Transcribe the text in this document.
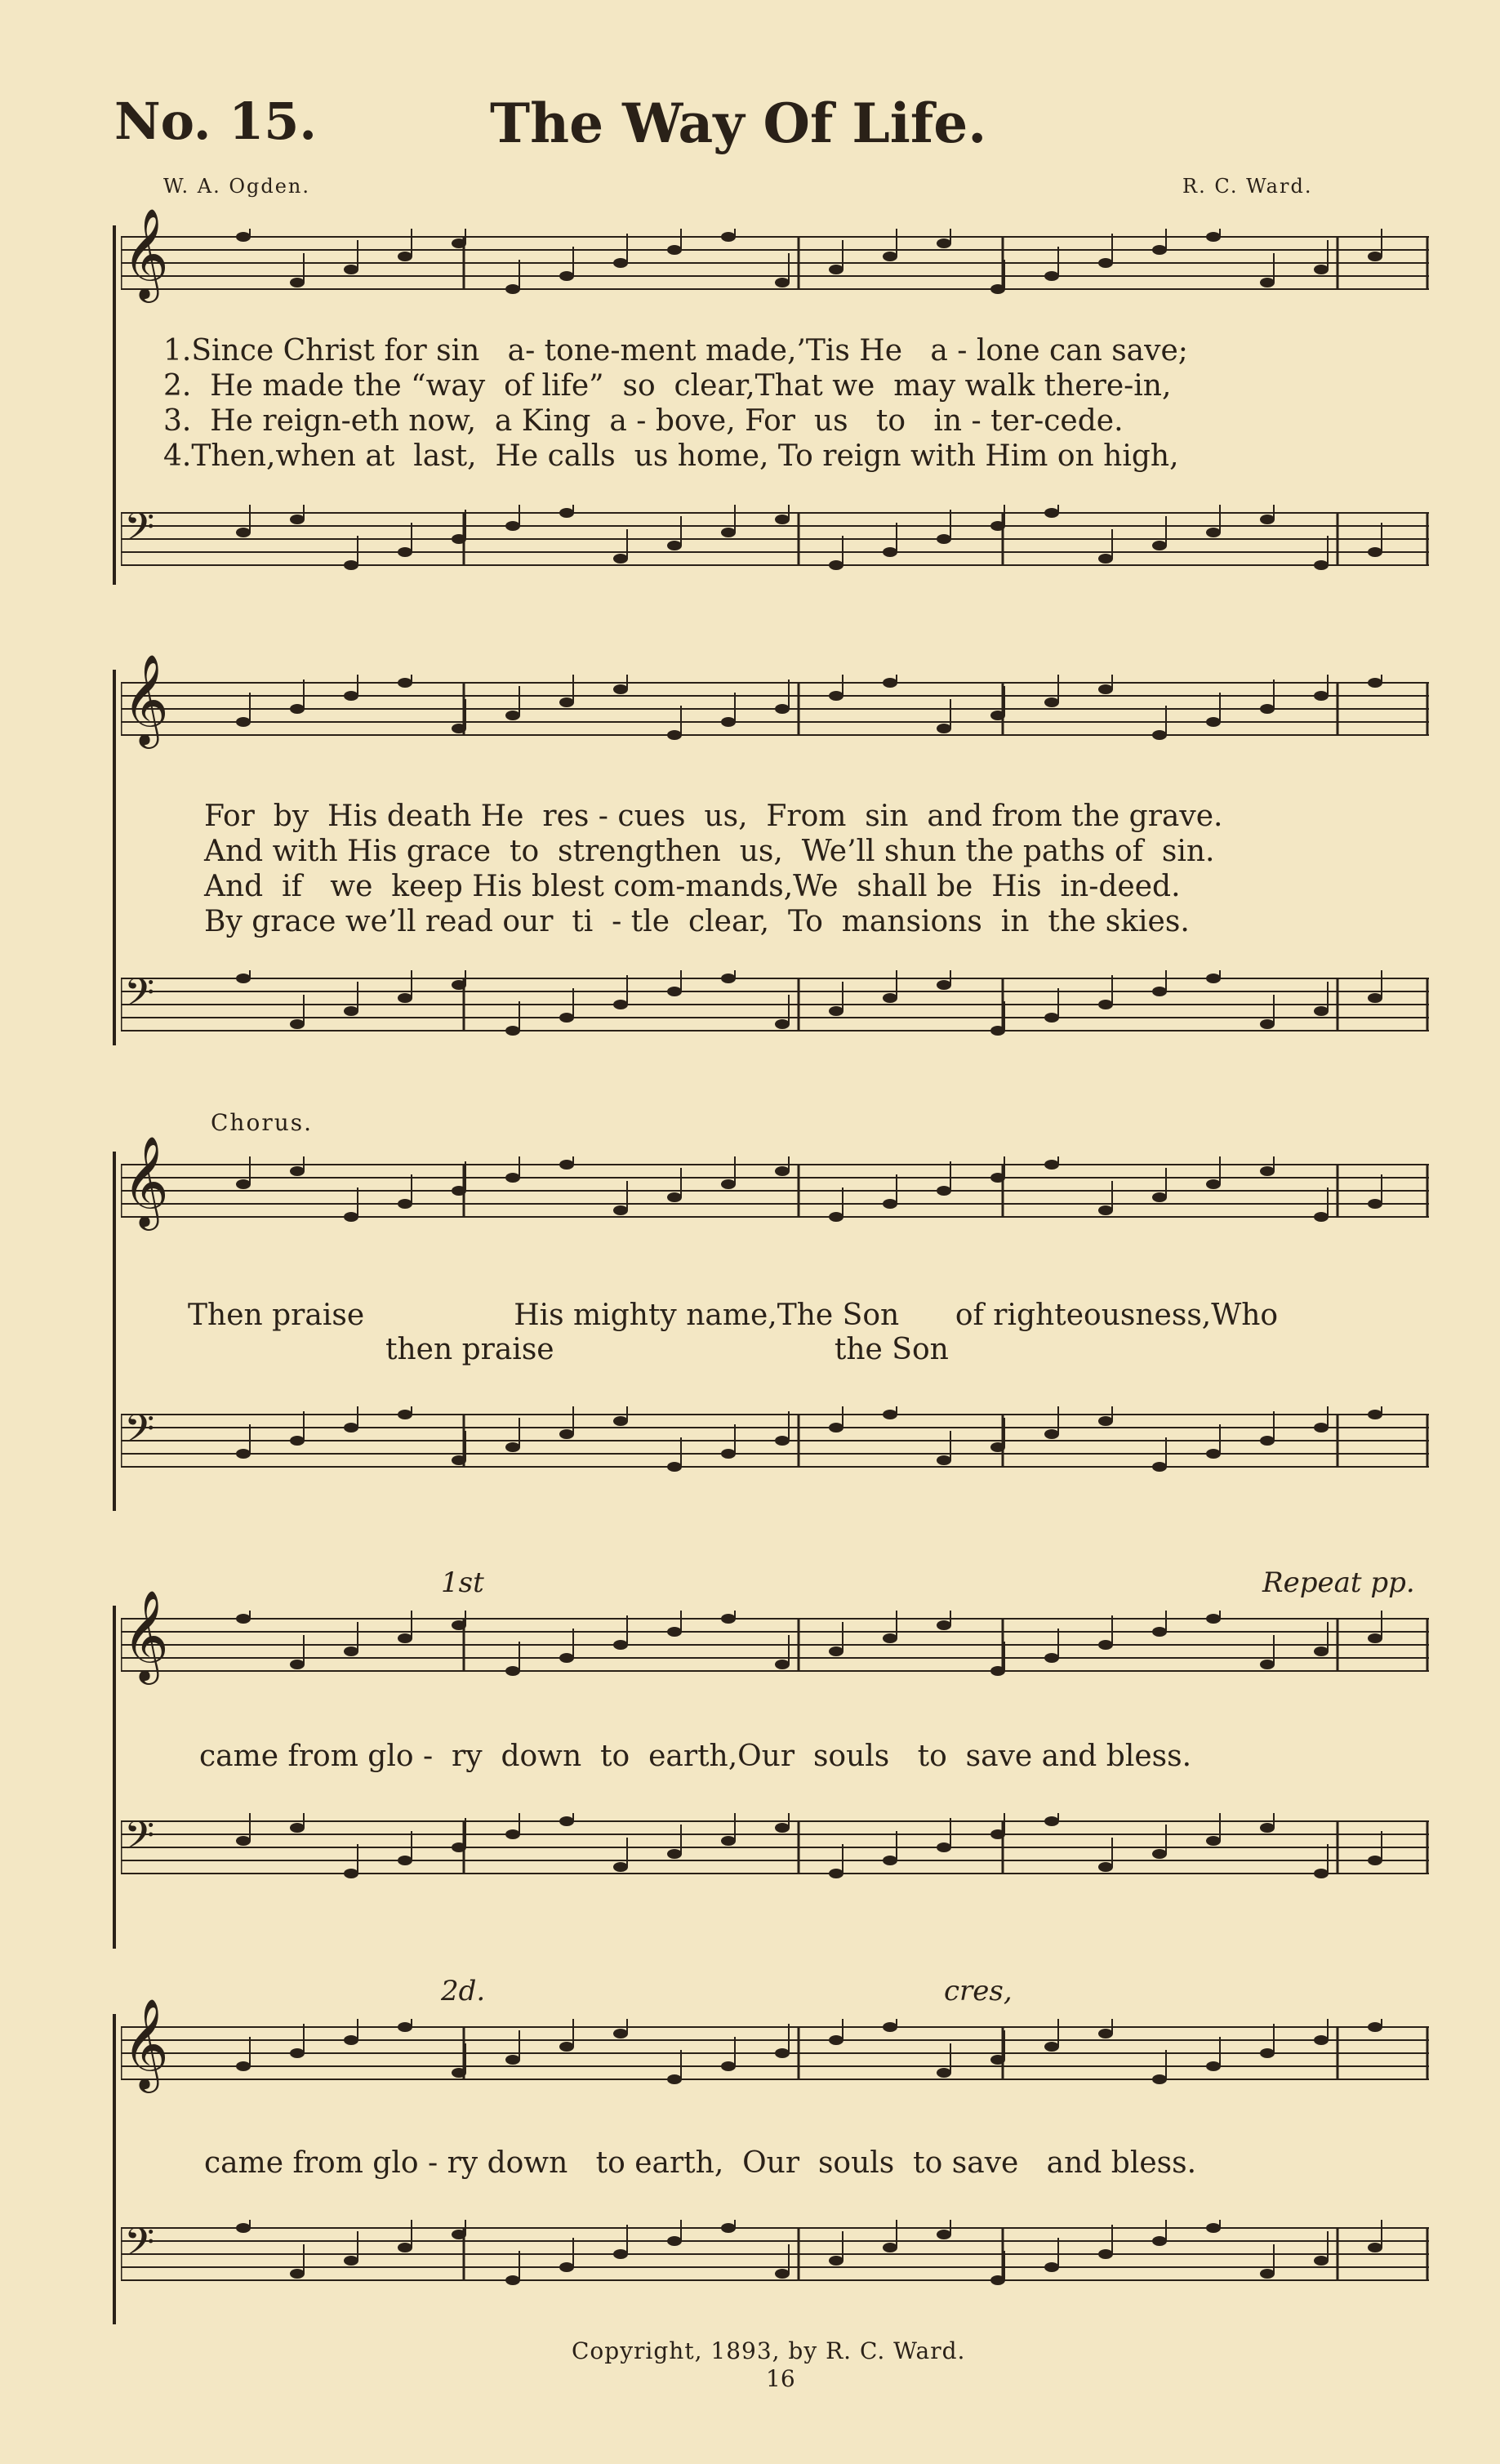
No. 15.	The Way Of Life.
W. A. Ogden.	R. C. Ward.
𝄞
1.Since Christ for sin   a- tone-ment made,’Tis He   a - lone can save;
2.  He made the “way  of life”  so  clear,That we  may walk there-in,
3.  He reign-eth now,  a King  a - bove, For  us   to   in - ter-cede.
4.Then,when at  last,  He calls  us home, To reign with Him on high,
𝄢
𝄞
For  by  His death He  res - cues  us,  From  sin  and from the grave.
And with His grace  to  strengthen  us,  We’ll shun the paths of  sin.
And  if   we  keep His blest com-mands,We  shall be  His  in-deed.
By grace we’ll read our  ti  - tle  clear,  To  mansions  in  the skies.
𝄢
Chorus.
𝄞
Then praise                His mighty name,The Son      of righteousness,Who
then praise                              the Son
𝄢
1st	Repeat pp.
𝄞
came from glo -  ry  down  to  earth,Our  souls   to  save and bless.
𝄢
2d.	cres,
𝄞
came from glo - ry down   to earth,  Our  souls  to save   and bless.
𝄢
Copyright, 1893, by R. C. Ward.
16
